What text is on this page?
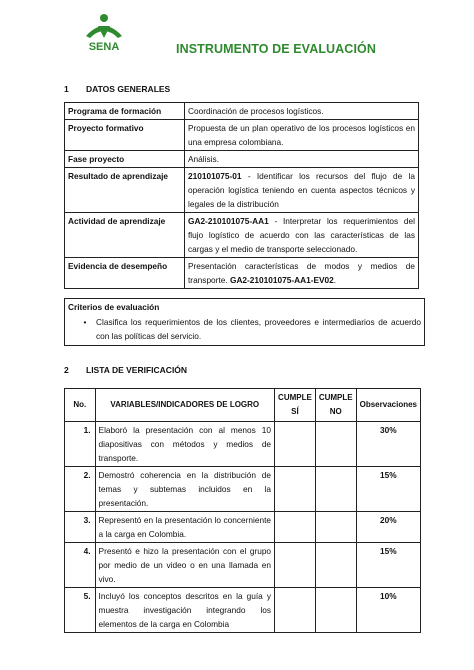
SENA	INSTRUMENTO DE EVALUACIÓN
1 DATOS GENERALES
Programa de formación	Coordinación de procesos logísticos.
Proyecto formativo	Propuesta de un plan operativo de los procesos logísticos en una empresa colombiana.
Fase proyecto	Análisis.
Resultado de aprendizaje	210101075-01 - Identificar los recursos del flujo de la operación logística teniendo en cuenta aspectos técnicos y legales de la distribución
Actividad de aprendizaje	GA2-210101075-AA1 - Interpretar los requerimientos del flujo logístico de acuerdo con las características de las cargas y el medio de transporte seleccionado.
Evidencia de desempeño	Presentación características de modos y medios de transporte. GA2-210101075-AA1-EV02.
Criterios de evaluación
•	Clasifica los requerimientos de los clientes, proveedores e intermediarios de acuerdo con las políticas del servicio.
2 LISTA DE VERIFICACIÓN
No.	VARIABLES/INDICADORES DE LOGRO	CUMPLE SÍ	CUMPLE NO	Observaciones
1.	Elaboró la presentación con al menos 10 diapositivas con métodos y medios de transporte.			30%
2.	Demostró coherencia en la distribución de temas y subtemas incluidos en la presentación.			15%
3.	Representó en la presentación lo concerniente a la carga en Colombia.			20%
4.	Presentó e hizo la presentación con el grupo por medio de un video o en una llamada en vivo.			15%
5.	Incluyó los conceptos descritos en la guía y muestra investigación integrando los elementos de la carga en Colombia			10%
